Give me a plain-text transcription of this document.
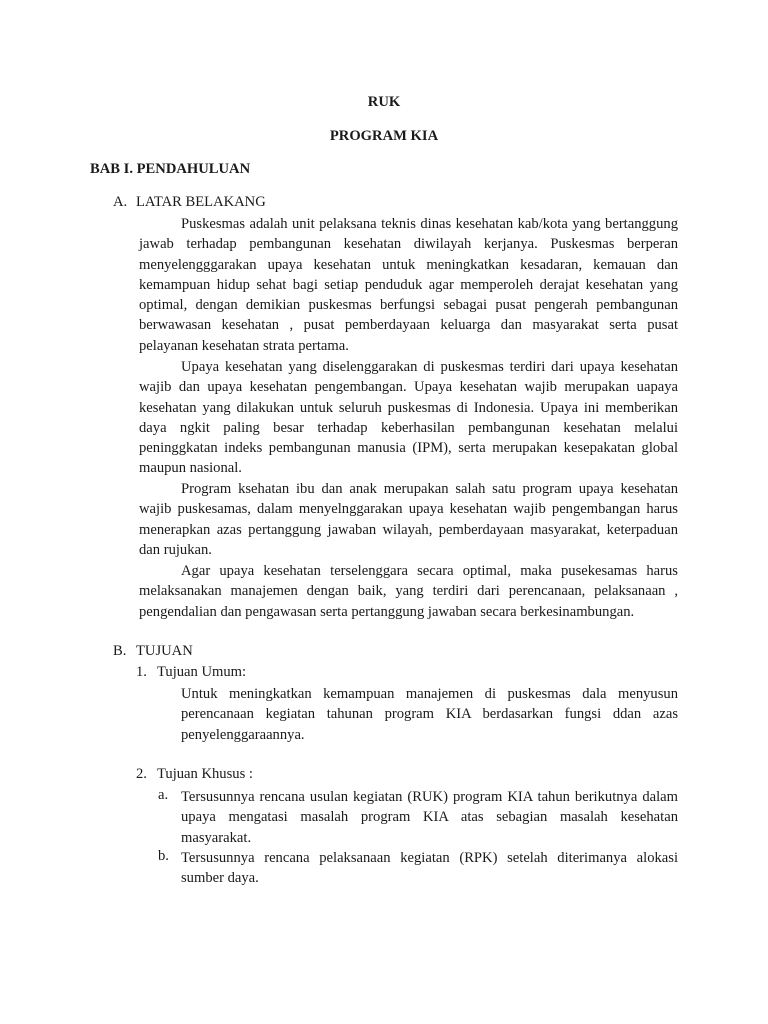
RUK
PROGRAM KIA
BAB I. PENDAHULUAN
A. LATAR BELAKANG
Puskesmas adalah unit pelaksana teknis dinas kesehatan kab/kota yang bertanggung jawab terhadap pembangunan kesehatan diwilayah kerjanya. Puskesmas berperan menyelengggarakan upaya kesehatan untuk meningkatkan kesadaran, kemauan dan kemampuan hidup sehat bagi setiap penduduk agar memperoleh derajat kesehatan yang optimal, dengan demikian puskesmas berfungsi sebagai pusat pengerah pembangunan berwawasan kesehatan , pusat pemberdayaan keluarga dan masyarakat serta pusat pelayanan kesehatan strata pertama.
Upaya kesehatan yang diselenggarakan di puskesmas terdiri dari upaya kesehatan wajib dan upaya kesehatan pengembangan. Upaya kesehatan wajib merupakan uapaya kesehatan yang dilakukan untuk seluruh puskesmas di Indonesia. Upaya ini memberikan daya ngkit paling besar terhadap keberhasilan pembangunan kesehatan melalui peninggkatan indeks pembangunan manusia (IPM), serta merupakan kesepakatan global maupun nasional.
Program ksehatan ibu dan anak merupakan salah satu program upaya kesehatan wajib puskesamas, dalam menyelnggarakan upaya kesehatan wajib pengembangan harus menerapkan azas pertanggung jawaban wilayah, pemberdayaan masyarakat, keterpaduan dan rujukan.
Agar upaya kesehatan terselenggara secara optimal, maka pusekesamas harus melaksanakan manajemen dengan baik, yang terdiri dari perencanaan, pelaksanaan , pengendalian dan pengawasan serta pertanggung jawaban secara berkesinambungan.
B. TUJUAN
1. Tujuan Umum:
Untuk meningkatkan kemampuan manajemen di puskesmas dala menyusun perencanaan kegiatan tahunan program KIA berdasarkan fungsi ddan azas penyelenggaraannya.
2. Tujuan Khusus :
a. Tersusunnya rencana usulan kegiatan (RUK) program KIA tahun berikutnya dalam upaya mengatasi masalah program KIA atas sebagian masalah kesehatan masyarakat.
b. Tersusunnya rencana pelaksanaan kegiatan (RPK) setelah diterimanya alokasi sumber daya.
